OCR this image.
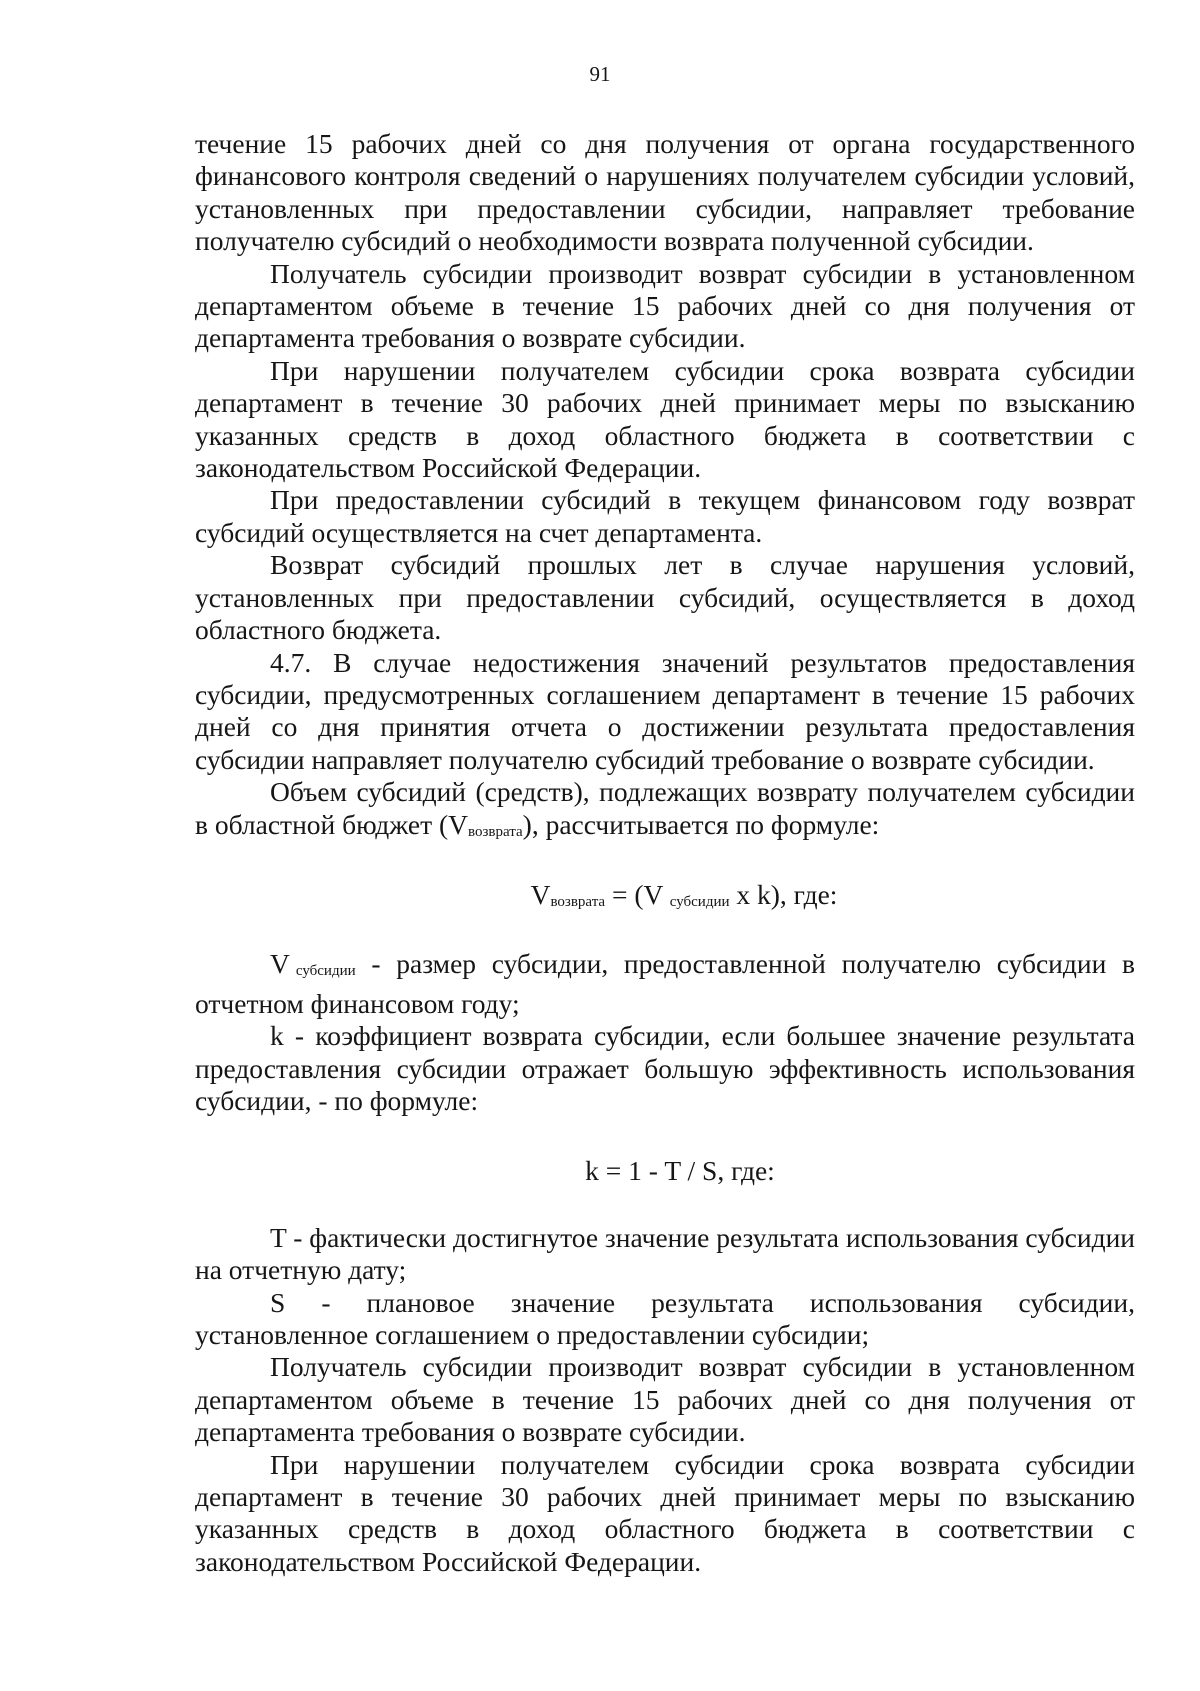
91

течение 15 рабочих дней со дня получения от органа государственного финансового контроля сведений о нарушениях получателем субсидии условий, установленных при предоставлении субсидии, направляет требование получателю субсидий о необходимости возврата полученной субсидии.

Получатель субсидии производит возврат субсидии в установленном департаментом объеме в течение 15 рабочих дней со дня получения от департамента требования о возврате субсидии.

При нарушении получателем субсидии срока возврата субсидии департамент в течение 30 рабочих дней принимает меры по взысканию указанных средств в доход областного бюджета в соответствии с законодательством Российской Федерации.

При предоставлении субсидий в текущем финансовом году возврат субсидий осуществляется на счет департамента.

Возврат субсидий прошлых лет в случае нарушения условий, установленных при предоставлении субсидий, осуществляется в доход областного бюджета.

4.7. В случае недостижения значений результатов предоставления субсидии, предусмотренных соглашением департамент в течение 15 рабочих дней со дня принятия отчета о достижении результата предоставления субсидии направляет получателю субсидий требование о возврате субсидии.

Объем субсидий (средств), подлежащих возврату получателем субсидии в областной бюджет (Vвозврата), рассчитывается по формуле:

Vвозврата = (V субсидии x k), где:

Vсубсидии - размер субсидии, предоставленной получателю субсидии в отчетном финансовом году;

k - коэффициент возврата субсидии, если большее значение результата предоставления субсидии отражает большую эффективность использования субсидии, - по формуле:

k = 1 - T / S, где:

T - фактически достигнутое значение результата использования субсидии на отчетную дату;

S - плановое значение результата использования субсидии, установленное соглашением о предоставлении субсидии;

Получатель субсидии производит возврат субсидии в установленном департаментом объеме в течение 15 рабочих дней со дня получения от департамента требования о возврате субсидии.

При нарушении получателем субсидии срока возврата субсидии департамент в течение 30 рабочих дней принимает меры по взысканию указанных средств в доход областного бюджета в соответствии с законодательством Российской Федерации.
